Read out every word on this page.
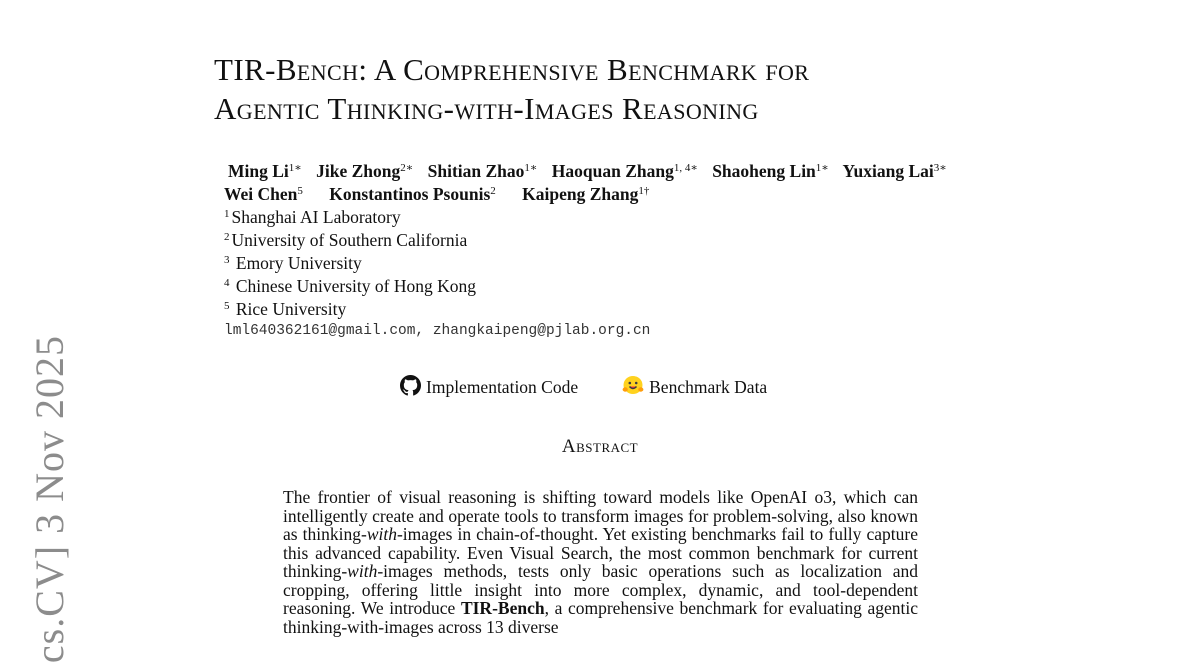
cs.CV] 3 Nov 2025
TIR-Bench: A Comprehensive Benchmark for
Agentic Thinking-with-Images Reasoning
Ming $Li^{1∗}$ Jike Zhong$^{2∗}$ Shitian Zhao$^{1∗}$ Haoquan Zhang$^{1, 4∗}$ Shaoheng Lin$^{1∗}$ Yuxiang Lai$^{3∗}$
Wei Chen$^5$ Konstantinos Psounis$^2$ Kaipeng Zhang$^{1\dagger}$
$^1$ Shanghai AI Laboratory
$^2$ University of Southern California
$^3$ Emory University
$^4$ Chinese University of Hong Kong
$^5$ Rice University
lml640362161@gmail.com, zhangkaipeng@pjlab.org.cn
Implementation Code	Benchmark Data
Abstract

The frontier of visual reasoning is shifting toward models like OpenAI o3, which can intelligently create and operate tools to transform images for problem-solving, also known as thinking-with-images in chain-of-thought. Yet existing benchmarks fail to fully capture this advanced capability. Even Visual Search, the most common benchmark for current thinking-with-images methods, tests only basic operations such as localization and cropping, offering little insight into more complex, dynamic, and tool-dependent reasoning. We introduce TIR-Bench, a comprehensive benchmark for evaluating agentic thinking-with-images across 13 diverse
